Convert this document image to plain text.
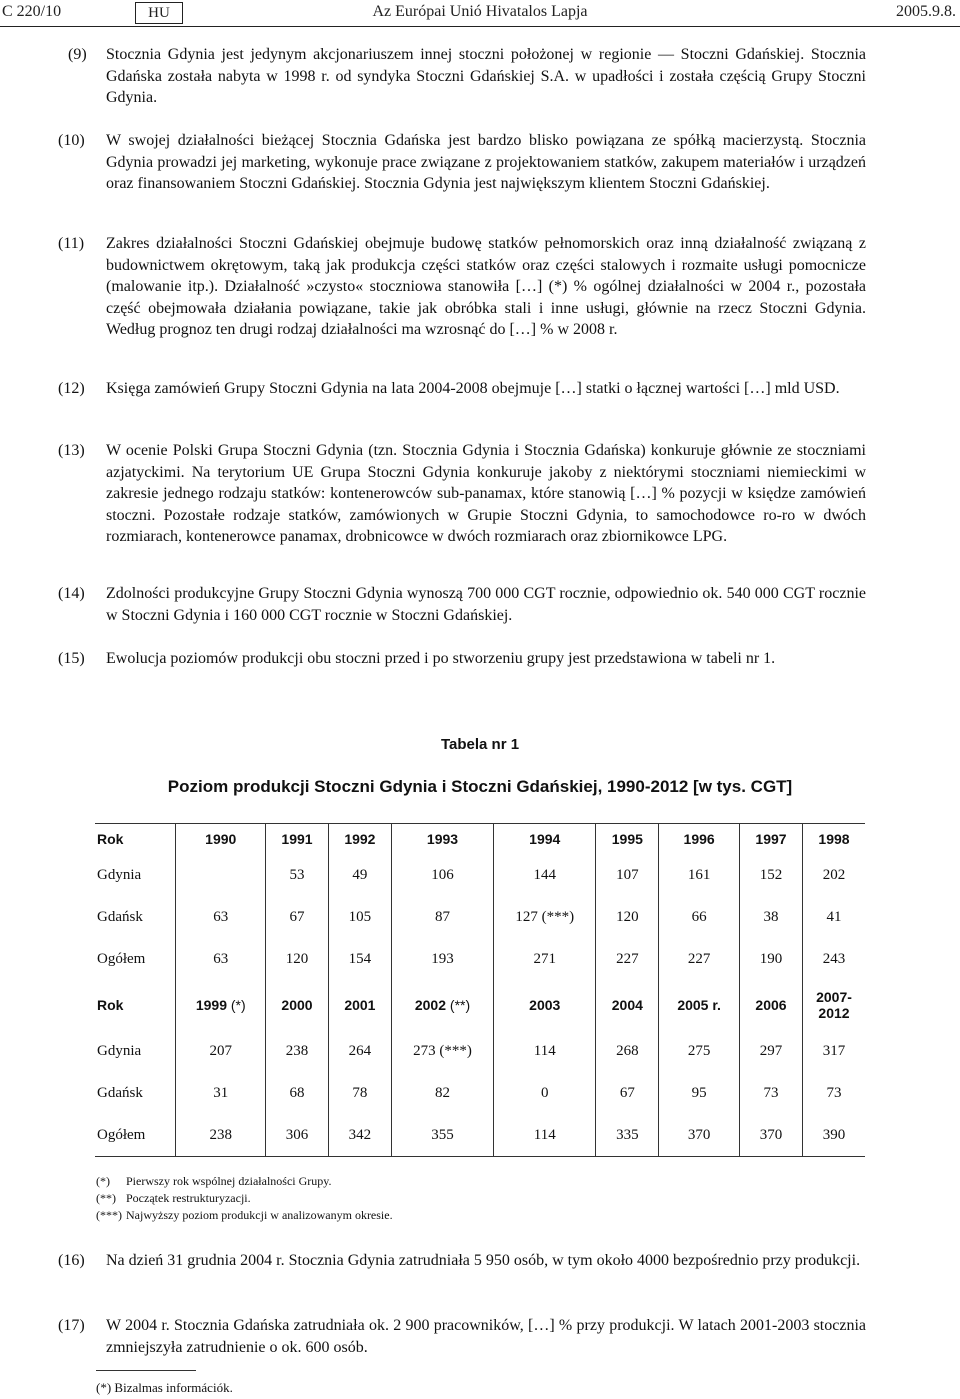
C 220/10	HU	Az Európai Unió Hivatalos Lapja	2005.9.8.
(9)	Stocznia Gdynia jest jedynym akcjonariuszem innej stoczni położonej w regionie — Stoczni Gdańskiej. Stocznia Gdańska została nabyta w 1998 r. od syndyka Stoczni Gdańskiej S.A. w upadłości i została częścią Grupy Stoczni Gdynia.
(10)	W swojej działalności bieżącej Stocznia Gdańska jest bardzo blisko powiązana ze spółką macierzystą. Stocznia Gdynia prowadzi jej marketing, wykonuje prace związane z projektowaniem statków, zakupem materiałów i urządzeń oraz finansowaniem Stoczni Gdańskiej. Stocznia Gdynia jest największym klientem Stoczni Gdańskiej.
(11)	Zakres działalności Stoczni Gdańskiej obejmuje budowę statków pełnomorskich oraz inną działalność związaną z budownictwem okrętowym, taką jak produkcja części statków oraz części stalowych i rozmaite usługi pomocnicze (malowanie itp.). Działalność »czysto« stoczniowa stanowiła […] (*) % ogólnej działalności w 2004 r., pozostała część obejmowała działania powiązane, takie jak obróbka stali i inne usługi, głównie na rzecz Stoczni Gdynia. Według prognoz ten drugi rodzaj działalności ma wzrosnąć do […] % w 2008 r.
(12)	Księga zamówień Grupy Stoczni Gdynia na lata 2004-2008 obejmuje […] statki o łącznej wartości […] mld USD.
(13)	W ocenie Polski Grupa Stoczni Gdynia (tzn. Stocznia Gdynia i Stocznia Gdańska) konkuruje głównie ze stoczniami azjatyckimi. Na terytorium UE Grupa Stoczni Gdynia konkuruje jakoby z niektórymi stoczniami niemieckimi w zakresie jednego rodzaju statków: kontenerowców sub-panamax, które stanowią […] % pozycji w księdze zamówień stoczni. Pozostałe rodzaje statków, zamówionych w Grupie Stoczni Gdynia, to samochodowce ro-ro w dwóch rozmiarach, kontenerowce panamax, drobnicowce w dwóch rozmiarach oraz zbiornikowce LPG.
(14)	Zdolności produkcyjne Grupy Stoczni Gdynia wynoszą 700 000 CGT rocznie, odpowiednio ok. 540 000 CGT rocznie w Stoczni Gdynia i 160 000 CGT rocznie w Stoczni Gdańskiej.
(15)	Ewolucja poziomów produkcji obu stoczni przed i po stworzeniu grupy jest przedstawiona w tabeli nr 1.
Tabela nr 1
Poziom produkcji Stoczni Gdynia i Stoczni Gdańskiej, 1990-2012 [w tys. CGT]
Rok	1990	1991	1992	1993	1994	1995	1996	1997	1998
Gdynia		53	49	106	144	107	161	152	202
Gdańsk	63	67	105	87	127 (***)	120	66	38	41
Ogółem	63	120	154	193	271	227	227	190	243
Rok	1999 (*)	2000	2001	2002 (**)	2003	2004	2005 r.	2006	2007-2012
Gdynia	207	238	264	273 (***)	114	268	275	297	317
Gdańsk	31	68	78	82	0	67	95	73	73
Ogółem	238	306	342	355	114	335	370	370	390
(*) Pierwszy rok wspólnej działalności Grupy.
(**) Początek restrukturyzacji.
(***) Najwyższy poziom produkcji w analizowanym okresie.
(16)	Na dzień 31 grudnia 2004 r. Stocznia Gdynia zatrudniała 5 950 osób, w tym około 4000 bezpośrednio przy produkcji.
(17)	W 2004 r. Stocznia Gdańska zatrudniała ok. 2 900 pracowników, […] % przy produkcji. W latach 2001-2003 stocznia zmniejszyła zatrudnienie o ok. 600 osób.
(*) Bizalmas információk.
